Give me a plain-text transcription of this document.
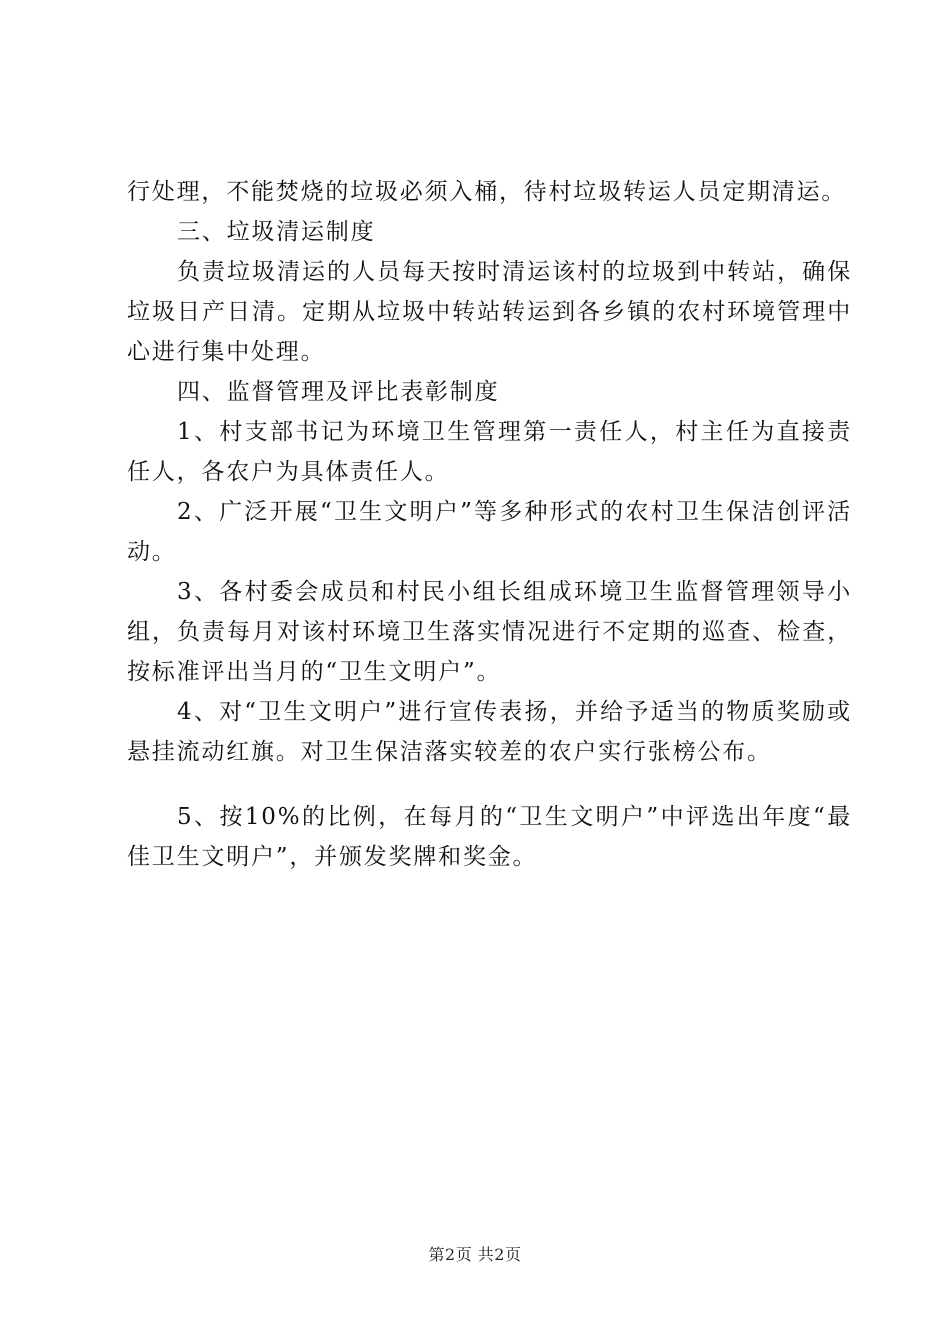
行处理，不能焚烧的垃圾必须入桶，待村垃圾转运人员定期清运。

三、垃圾清运制度

负责垃圾清运的人员每天按时清运该村的垃圾到中转站，确保垃圾日产日清。定期从垃圾中转站转运到各乡镇的农村环境管理中心进行集中处理。

四、监督管理及评比表彰制度

1、村支部书记为环境卫生管理第一责任人，村主任为直接责任人，各农户为具体责任人。

2、广泛开展“卫生文明户”等多种形式的农村卫生保洁创评活动。

3、各村委会成员和村民小组长组成环境卫生监督管理领导小组，负责每月对该村环境卫生落实情况进行不定期的巡查、检查，按标准评出当月的“卫生文明户”。

4、对“卫生文明户”进行宣传表扬，并给予适当的物质奖励或悬挂流动红旗。对卫生保洁落实较差的农户实行张榜公布。

5、按10%的比例，在每月的“卫生文明户”中评选出年度“最佳卫生文明户”，并颁发奖牌和奖金。

第2页 共2页
